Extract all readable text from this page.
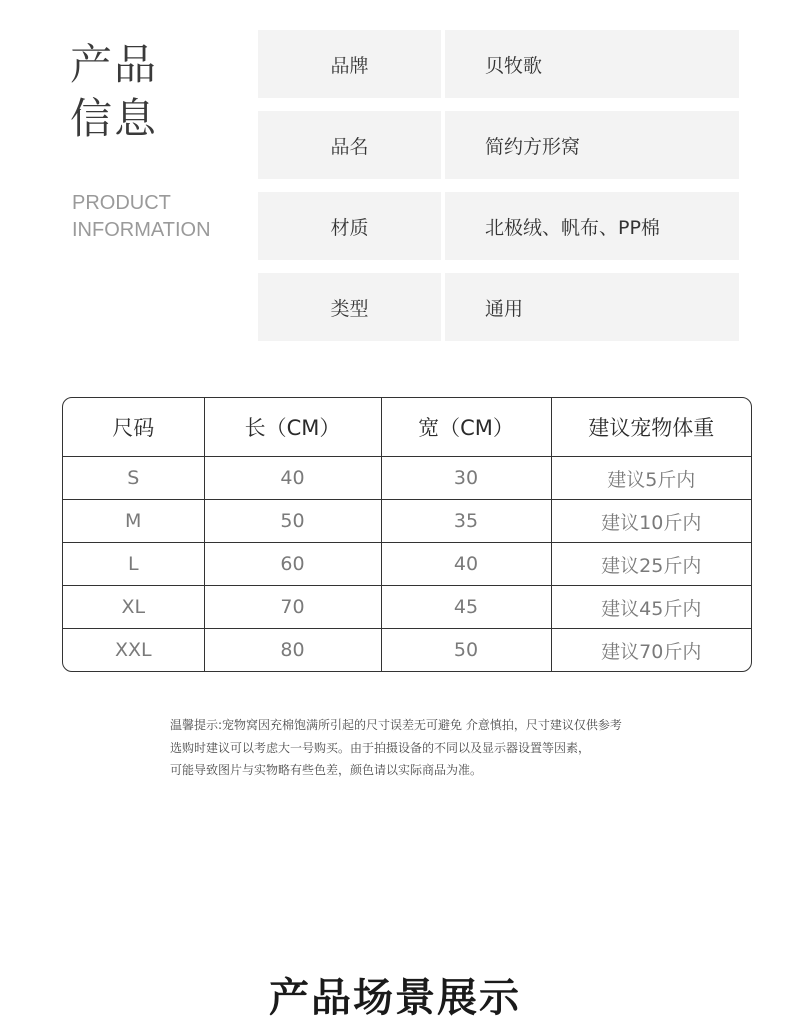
产品
信息
PRODUCT
INFORMATION
品牌	贝牧歌
品名	简约方形窝
材质	北极绒、帆布、PP棉
类型	通用
尺码	长（CM）	宽（CM）	建议宠物体重
S	40	30	建议5斤内
M	50	35	建议10斤内
L	60	40	建议25斤内
XL	70	45	建议45斤内
XXL	80	50	建议70斤内
温馨提示:宠物窝因充棉饱满所引起的尺寸误差无可避免 介意慎拍，尺寸建议仅供参考
选购时建议可以考虑大一号购买。由于拍摄设备的不同以及显示器设置等因素，
可能导致图片与实物略有些色差，颜色请以实际商品为准。
产品场景展示
